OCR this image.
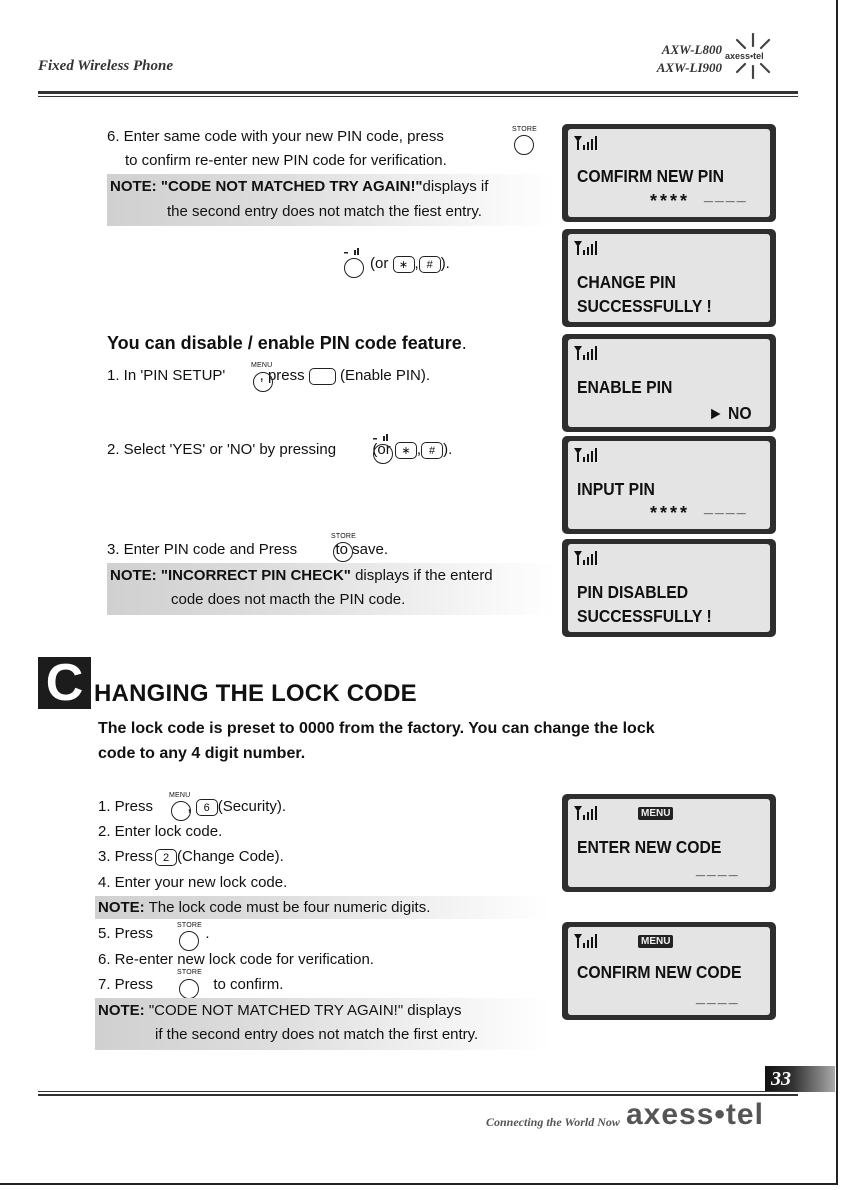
Fixed Wireless Phone
AXW-L800
AXW-LI900
axess•tel
6. Enter same code with your new PIN code, press
to confirm re-enter new PIN code for verification.
STORE
NOTE: "CODE NOT MATCHED TRY AGAIN!"displays if
the second entry does not match the fiest entry.
(or ∗ , # ).
You can disable / enable PIN code feature.
1. In 'PIN SETUP' , press (Enable PIN).
MENU
2. Select 'YES' or 'NO' by pressing (or ∗ , # ).
3. Enter PIN code and Press	to save.
STORE
NOTE: "INCORRECT PIN CHECK" displays if the enterd
code does not macth the PIN code.
COMFIRM NEW PIN
**** ____
CHANGE PIN
SUCCESSFULLY !
ENABLE PIN
► NO
INPUT PIN
**** ____
PIN DISABLED
SUCCESSFULLY !
C HANGING THE LOCK CODE
The lock code is preset to 0000 from the factory. You can change the lock
code to any 4 digit number.
1. Press , 6 (Security).
MENU
2. Enter lock code.
3. Press 2 (Change Code).
4. Enter your new lock code.
NOTE: The lock code must be four numeric digits.
5. Press	.
STORE
6. Re-enter new lock code for verification.
7. Press	to confirm.
STORE
NOTE: "CODE NOT MATCHED TRY AGAIN!" displays
if the second entry does not match the first entry.
MENU
ENTER NEW CODE
____
MENU
CONFIRM NEW CODE
____
33
Connecting the World Now axess•tel
